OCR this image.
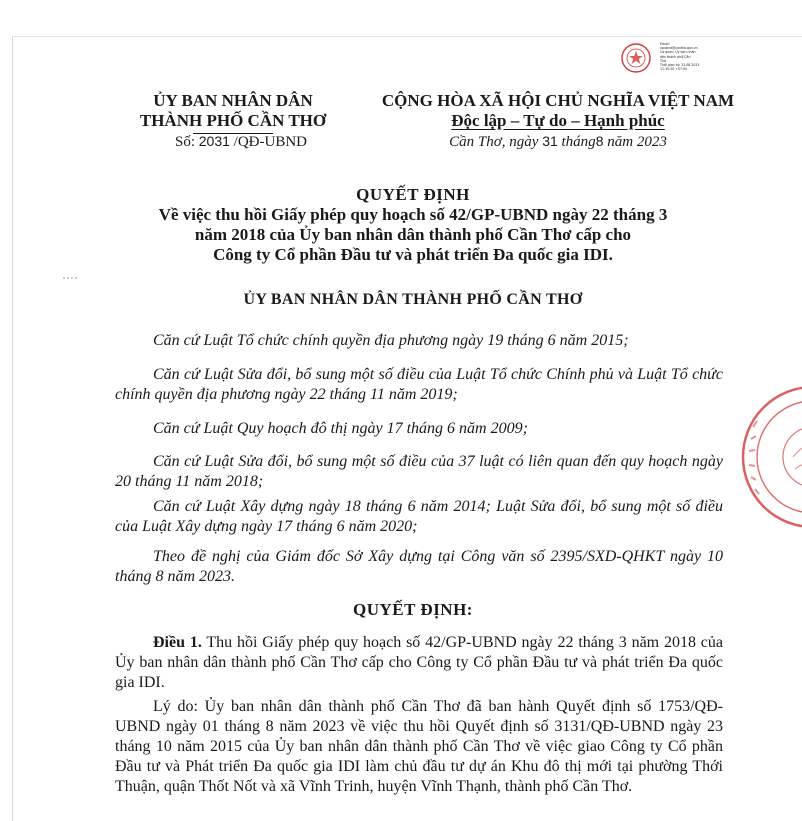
Email:
vpubnd@cantho.gov.vn
Cơ quan: Ủy ban nhân
dân thành phố Cần
Thơ
Thời gian ký: 31.08.2023
11:15:20 +07:00
ỦY BAN NHÂN DÂN
THÀNH PHỐ CẦN THƠ
CỘNG HÒA XÃ HỘI CHỦ NGHĨA VIỆT NAM
Độc lập – Tự do – Hạnh phúc
Số: 2031 /QĐ-UBND	Cần Thơ, ngày 31 tháng8 năm 2023
QUYẾT ĐỊNH
Về việc thu hồi Giấy phép quy hoạch số 42/GP-UBND ngày 22 tháng 3
năm 2018 của Ủy ban nhân dân thành phố Cần Thơ cấp cho
Công ty Cổ phần Đầu tư và phát triển Đa quốc gia IDI.
ỦY BAN NHÂN DÂN THÀNH PHỐ CẦN THƠ
Căn cứ Luật Tổ chức chính quyền địa phương ngày 19 tháng 6 năm 2015;
Căn cứ Luật Sửa đổi, bổ sung một số điều của Luật Tổ chức Chính phủ và Luật Tổ chức chính quyền địa phương ngày 22 tháng 11 năm 2019;
Căn cứ Luật Quy hoạch đô thị ngày 17 tháng 6 năm 2009;
Căn cứ Luật Sửa đổi, bổ sung một số điều của 37 luật có liên quan đến quy hoạch ngày 20 tháng 11 năm 2018;
Căn cứ Luật Xây dựng ngày 18 tháng 6 năm 2014; Luật Sửa đổi, bổ sung một số điều của Luật Xây dựng ngày 17 tháng 6 năm 2020;
Theo đề nghị của Giám đốc Sở Xây dựng tại Công văn số 2395/SXD-QHKT ngày 10 tháng 8 năm 2023.
QUYẾT ĐỊNH:
Điều 1. Thu hồi Giấy phép quy hoạch số 42/GP-UBND ngày 22 tháng 3 năm 2018 của Ủy ban nhân dân thành phố Cần Thơ cấp cho Công ty Cổ phần Đầu tư và phát triển Đa quốc gia IDI.
Lý do: Ủy ban nhân dân thành phố Cần Thơ đã ban hành Quyết định số 1753/QĐ-UBND ngày 01 tháng 8 năm 2023 về việc thu hồi Quyết định số 3131/QĐ-UBND ngày 23 tháng 10 năm 2015 của Ủy ban nhân dân thành phố Cần Thơ về việc giao Công ty Cổ phần Đầu tư và Phát triển Đa quốc gia IDI làm chủ đầu tư dự án Khu đô thị mới tại phường Thới Thuận, quận Thốt Nốt và xã Vĩnh Trinh, huyện Vĩnh Thạnh, thành phố Cần Thơ.
